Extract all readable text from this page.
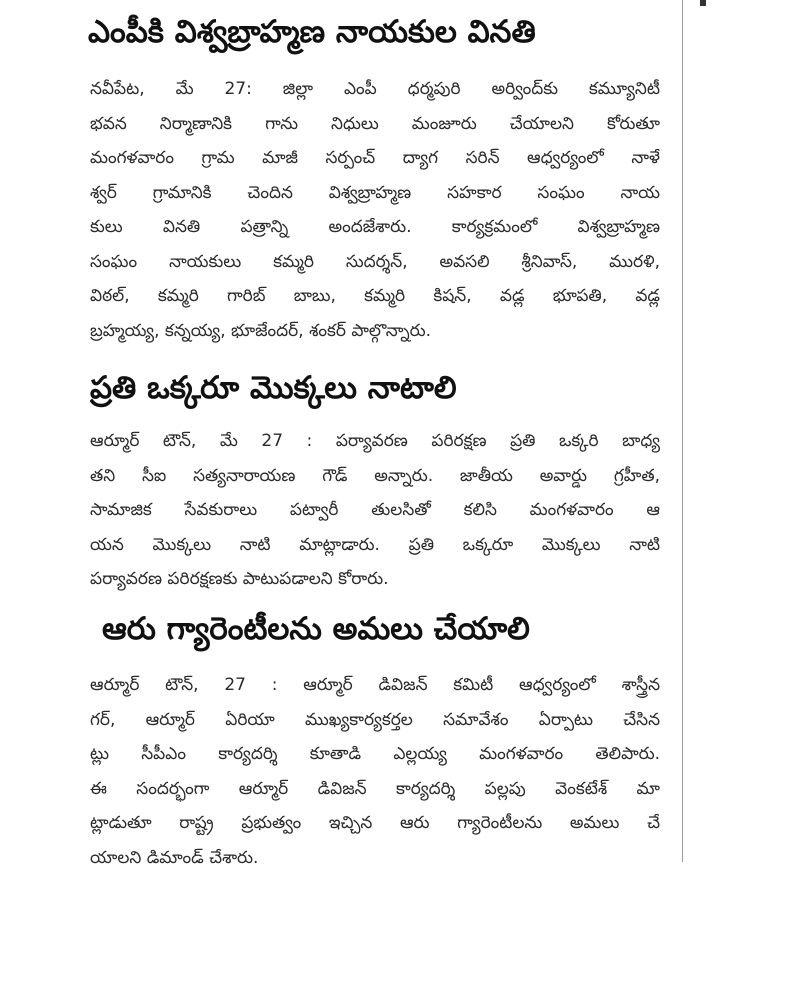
ఎంపీకి విశ్వబ్రాహ్మణ నాయకుల వినతి
నవీపేట, మే 27: జిల్లా ఎంపీ ధర్మపురి అర్వింద్‌కు కమ్యూనిటీ
భవన నిర్మాణానికి గాను నిధులు మంజూరు చేయాలని కోరుతూ
మంగళవారం గ్రామ మాజీ సర్పంచ్ ద్యాగ సరిన్ ఆధ్వర్యంలో నాళే
శ్వర్ గ్రామానికి చెందిన విశ్వబ్రాహ్మణ సహకార సంఘం నాయ
కులు వినతి పత్రాన్ని అందజేశారు. కార్యక్రమంలో విశ్వబ్రాహ్మణ
సంఘం నాయకులు కమ్మరి సుదర్శన్, అవసలి శ్రీనివాస్, మురళి,
విఠల్, కమ్మరి గారిబ్ బాబు, కమ్మరి కిషన్, వడ్ల భూపతి, వడ్ల
బ్రహ్మయ్య, కన్నయ్య, భూజేందర్, శంకర్ పాల్గొన్నారు.
ప్రతి ఒక్కరూ మొక్కలు నాటాలి
ఆర్మూర్ టౌన్, మే 27 : పర్యావరణ పరిరక్షణ ప్రతి ఒక్కరి బాధ్య
తని సీఐ సత్యనారాయణ గౌడ్ అన్నారు. జాతీయ అవార్డు గ్రహీత,
సామాజిక సేవకురాలు పట్వారీ తులసితో కలిసి మంగళవారం ఆ
యన మొక్కలు నాటి మాట్లాడారు. ప్రతి ఒక్కరూ మొక్కలు నాటి
పర్యావరణ పరిరక్షణకు పాటుపడాలని కోరారు.
ఆరు గ్యారెంటీలను అమలు చేయాలి
ఆర్మూర్ టౌన్, 27 : ఆర్మూర్ డివిజన్ కమిటీ ఆధ్వర్యంలో శాస్త్రీన
గర్, ఆర్మూర్ ఏరియా ముఖ్యకార్యకర్తల సమావేశం ఏర్పాటు చేసిన
ట్లు సీపీఎం కార్యదర్శి కూతాడి ఎల్లయ్య మంగళవారం తెలిపారు.
ఈ సందర్భంగా ఆర్మూర్ డివిజన్ కార్యదర్శి పల్లపు వెంకటేశ్ మా
ట్లాడుతూ రాష్ట్ర ప్రభుత్వం ఇచ్చిన ఆరు గ్యారెంటీలను అమలు చే
యాలని డిమాండ్ చేశారు.
